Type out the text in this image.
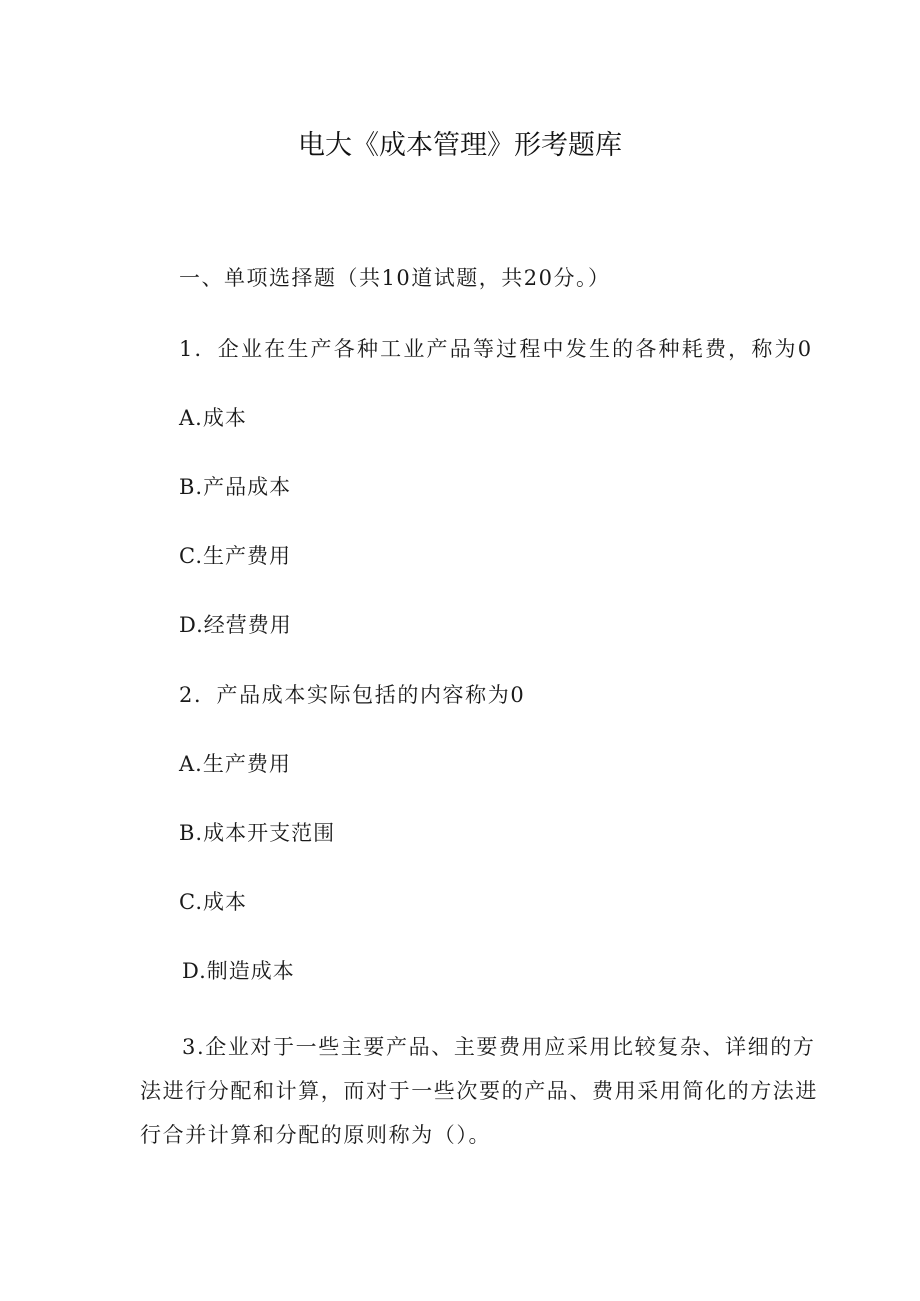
电大《成本管理》形考题库
一、单项选择题（共10道试题，共20分。）
1．企业在生产各种工业产品等过程中发生的各种耗费，称为0
A.成本
B.产品成本
C.生产费用
D.经营费用
2．产品成本实际包括的内容称为0
A.生产费用
B.成本开支范围
C.成本
D.制造成本
3.企业对于一些主要产品、主要费用应采用比较复杂、详细的方
法进行分配和计算，而对于一些次要的产品、费用采用简化的方法进
行合并计算和分配的原则称为（）。
